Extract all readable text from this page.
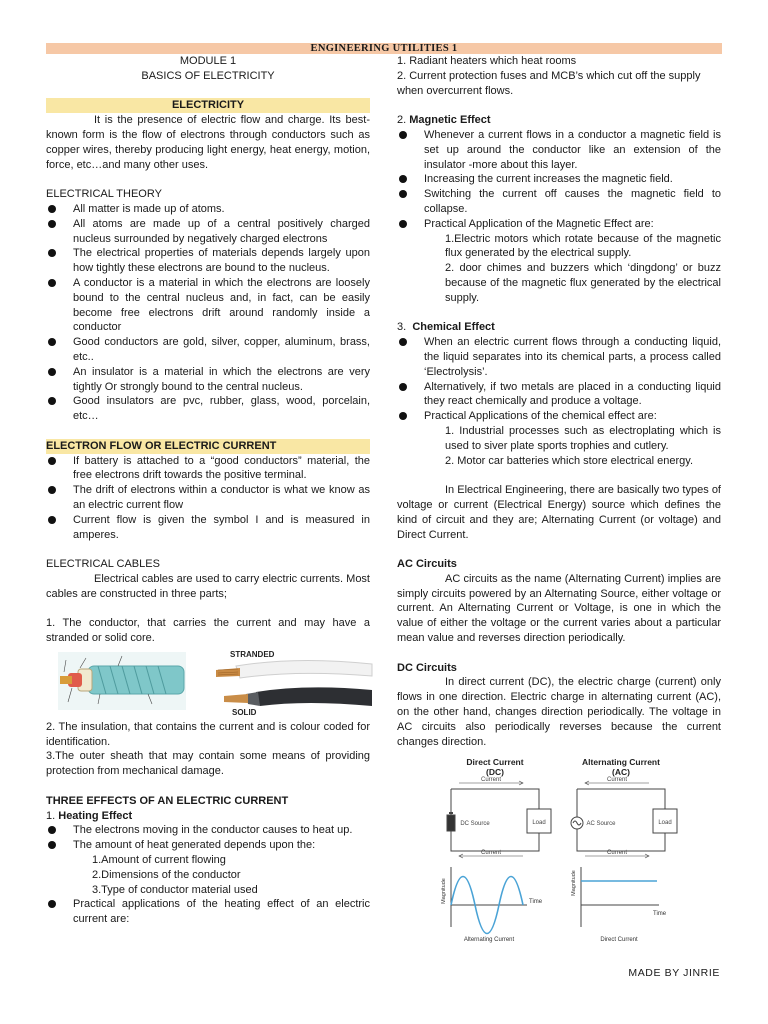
ENGINEERING UTILITIES 1

MODULE 1

BASICS OF ELECTRICITY

ELECTRICITY

It is the presence of electric flow and charge. Its best-known form is the flow of electrons through conductors such as copper wires, thereby producing light energy, heat energy, motion, force, etc…and many other uses.

ELECTRICAL THEORY

All matter is made up of atoms.
All atoms are made up of a central positively charged nucleus surrounded by negatively charged electrons
The electrical properties of materials depends largely upon how tightly these electrons are bound to the nucleus.
A conductor is a material in which the electrons are loosely bound to the central nucleus and, in fact, can be easily become free electrons drift around randomly inside a conductor
Good conductors are gold, silver, copper, aluminum, brass, etc..
An insulator is a material in which the electrons are very tightly Or strongly bound to the central nucleus.
Good insulators are pvc, rubber, glass, wood, porcelain, etc…

ELECTRON FLOW OR ELECTRIC CURRENT

If battery is attached to a “good conductors” material, the free electrons drift towards the positive terminal.
The drift of electrons within a conductor is what we know as an electric current flow
Current flow is given the symbol I and is measured in amperes.

ELECTRICAL CABLES

Electrical cables are used to carry electric currents. Most cables are constructed in three parts;

1. The conductor, that carries the current and may have a stranded or solid core.

STRANDED
SOLID

2. The insulation, that contains the current and is colour coded for identification.

3.The outer sheath that may contain some means of providing protection from mechanical damage.

THREE EFFECTS OF AN ELECTRIC CURRENT

1. Heating Effect

The electrons moving in the conductor causes to heat up.
The amount of heat generated depends upon the:

1.Amount of current flowing

2.Dimensions of the conductor

3.Type of conductor material used

Practical applications of the heating effect of an electric current are:

1. Radiant heaters which heat rooms

2. Current protection fuses and MCB’s which cut off the supply when overcurrent flows.

2. Magnetic Effect

Whenever a current flows in a conductor a magnetic field is set up around the conductor like an extension of the insulator -more about this layer.
Increasing the current increases the magnetic field.
Switching the current off causes the magnetic field to collapse.
Practical Application of the Magnetic Effect are:

1.Electric motors which rotate because of the magnetic flux generated by the electrical supply.

2. door chimes and buzzers which ‘dingdong’ or buzz because of the magnetic flux generated by the electrical supply.

3. Chemical Effect

When an electric current flows through a conducting liquid, the liquid separates into its chemical parts, a process called ‘Electrolysis’.
Alternatively, if two metals are placed in a conducting liquid they react chemically and produce a voltage.
Practical Applications of the chemical effect are:

1. Industrial processes such as electroplating which is used to siver plate sports trophies and cutlery.

2. Motor car batteries which store electrical energy.

In Electrical Engineering, there are basically two types of voltage or current (Electrical Energy) source which defines the kind of circuit and they are; Alternating Current (or voltage) and Direct Current.

AC Circuits

AC circuits as the name (Alternating Current) implies are simply circuits powered by an Alternating Source, either voltage or current. An Alternating Current or Voltage, is one in which the value of either the voltage or the current varies about a particular mean value and reverses direction periodically.

DC Circuits

In direct current (DC), the electric charge (current) only flows in one direction. Electric charge in alternating current (AC), on the other hand, changes direction periodically. The voltage in AC circuits also periodically reverses because the current changes direction.

Direct Current
(DC)
Alternating Current
(AC)
Current
Current
DC Source	Load
Current
Current
AC Source	Load
Magnitude	Time
Alternating Current
Magnitude
Time
Direct Current
MADE BY JINRIE
